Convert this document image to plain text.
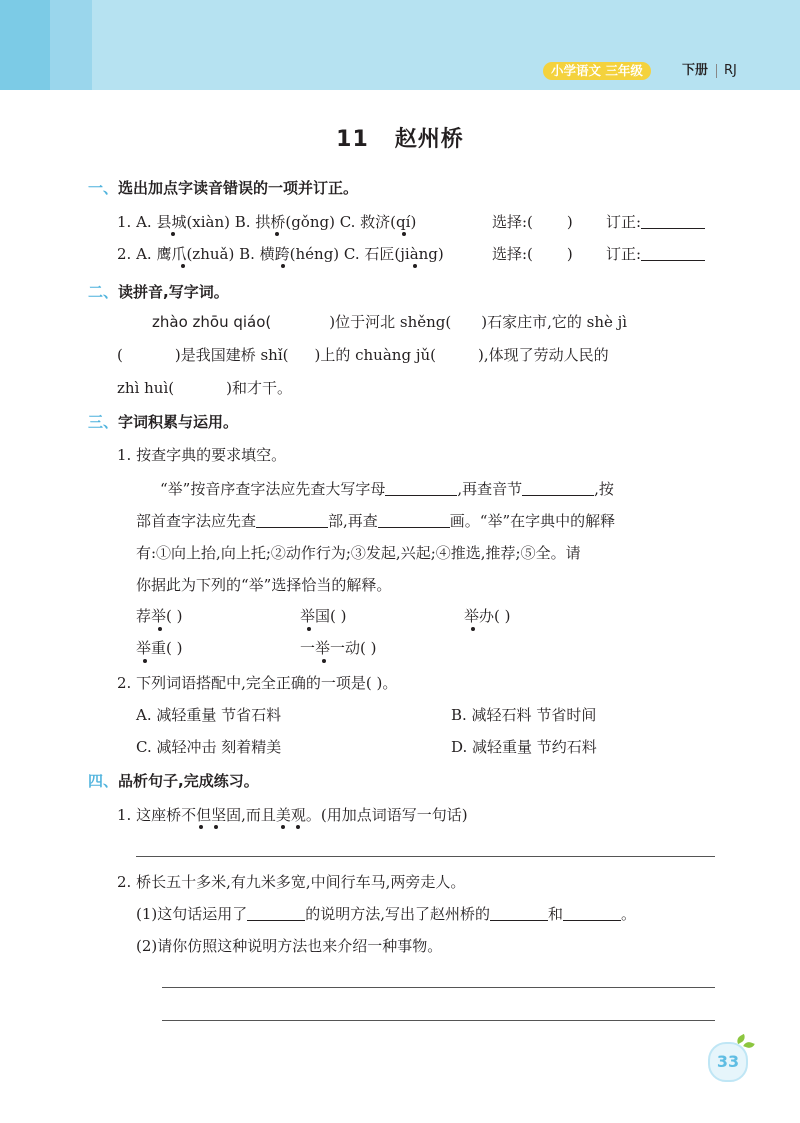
小学语文 三年级	下册 RJ
11 赵州桥
一、选出加点字读音错误的一项并订正。
1. A. 县城(xiàn) B. 拱桥(gǒng) C. 救济(qí)	选择:( ) 订正:
2. A. 鹰爪(zhuǎ) B. 横跨(héng) C. 石匠(jiàng)	选择:( ) 订正:
二、读拼音,写字词。
zhào zhōu qiáo(	)位于河北 shěng( )石家庄市,它的 shè jì
(	)是我国建桥 shǐ( )上的 chuàng jǔ(	),体现了劳动人民的
zhì huì(	)和才干。
三、字词积累与运用。
1. 按查字典的要求填空。
“举”按音序查字法应先查大写字母	,再查音节	,按
部首查字法应先查	部,再查	画。“举”在字典中的解释
有:①向上抬,向上托;②动作行为;③发起,兴起;④推选,推荐;⑤全。请
你据此为下列的“举”选择恰当的解释。
荐举( )	举国( )	举办( )
举重( )	一举一动( )
2. 下列词语搭配中,完全正确的一项是( )。
A. 减轻重量 节省石料	B. 减轻石料 节省时间
C. 减轻冲击 刻着精美	D. 减轻重量 节约石料
四、品析句子,完成练习。
1. 这座桥不但坚固,而且美观。(用加点词语写一句话)
2. 桥长五十多米,有九米多宽,中间行车马,两旁走人。
(1)这句话运用了	的说明方法,写出了赵州桥的	和	。
(2)请你仿照这种说明方法也来介绍一种事物。
33
